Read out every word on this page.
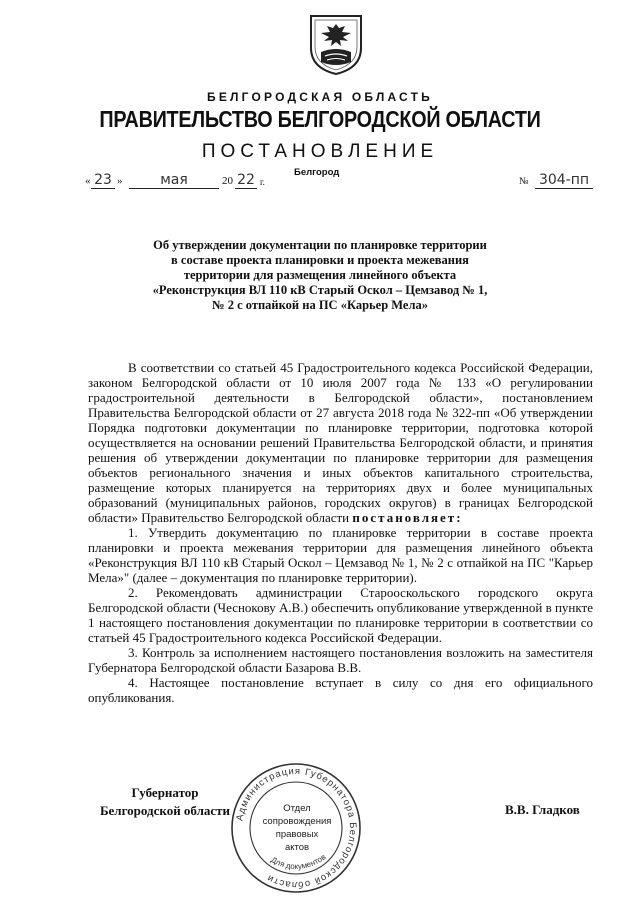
БЕЛГОРОДСКАЯ ОБЛАСТЬ
ПРАВИТЕЛЬСТВО БЕЛГОРОДСКОЙ ОБЛАСТИ
ПОСТАНОВЛЕНИЕ
Белгород
« 23 »	мая	20 22 г.	№ 304-пп
Об утверждении документации по планировке территории
в составе проекта планировки и проекта межевания
территории для размещения линейного объекта
«Реконструкция ВЛ 110 кВ Старый Оскол – Цемзавод № 1,
№ 2 с отпайкой на ПС «Карьер Мела»

В соответствии со статьей 45 Градостроительного кодекса Российской Федерации, законом Белгородской области от 10 июля 2007 года № 133 «О регулировании градостроительной деятельности в Белгородской области», постановлением Правительства Белгородской области от 27 августа 2018 года № 322-пп «Об утверждении Порядка подготовки документации по планировке территории, подготовка которой осуществляется на основании решений Правительства Белгородской области, и принятия решения об утверждении документации по планировке территории для размещения объектов регионального значения и иных объектов капитального строительства, размещение которых планируется на территориях двух и более муниципальных образований (муниципальных районов, городских округов) в границах Белгородской области» Правительство Белгородской области постановляет:

1. Утвердить документацию по планировке территории в составе проекта планировки и проекта межевания территории для размещения линейного объекта «Реконструкция ВЛ 110 кВ Старый Оскол – Цемзавод № 1, № 2 с отпайкой на ПС "Карьер Мела»" (далее – документация по планировке территории).

2. Рекомендовать администрации Старооскольского городского округа Белгородской области (Чеснокову А.В.) обеспечить опубликование утвержденной в пункте 1 настоящего постановления документации по планировке территории в соответствии со статьей 45 Градостроительного кодекса Российской Федерации.

3. Контроль за исполнением настоящего постановления возложить на заместителя Губернатора Белгородской области Базарова В.В.

4. Настоящее постановление вступает в силу со дня его официального опубликования.

Губернатор
Белгородской области	В.В. Гладков
Администрация Губернатора Белгородской области
Для документов
Отдел
сопровождения
правовых
актов
